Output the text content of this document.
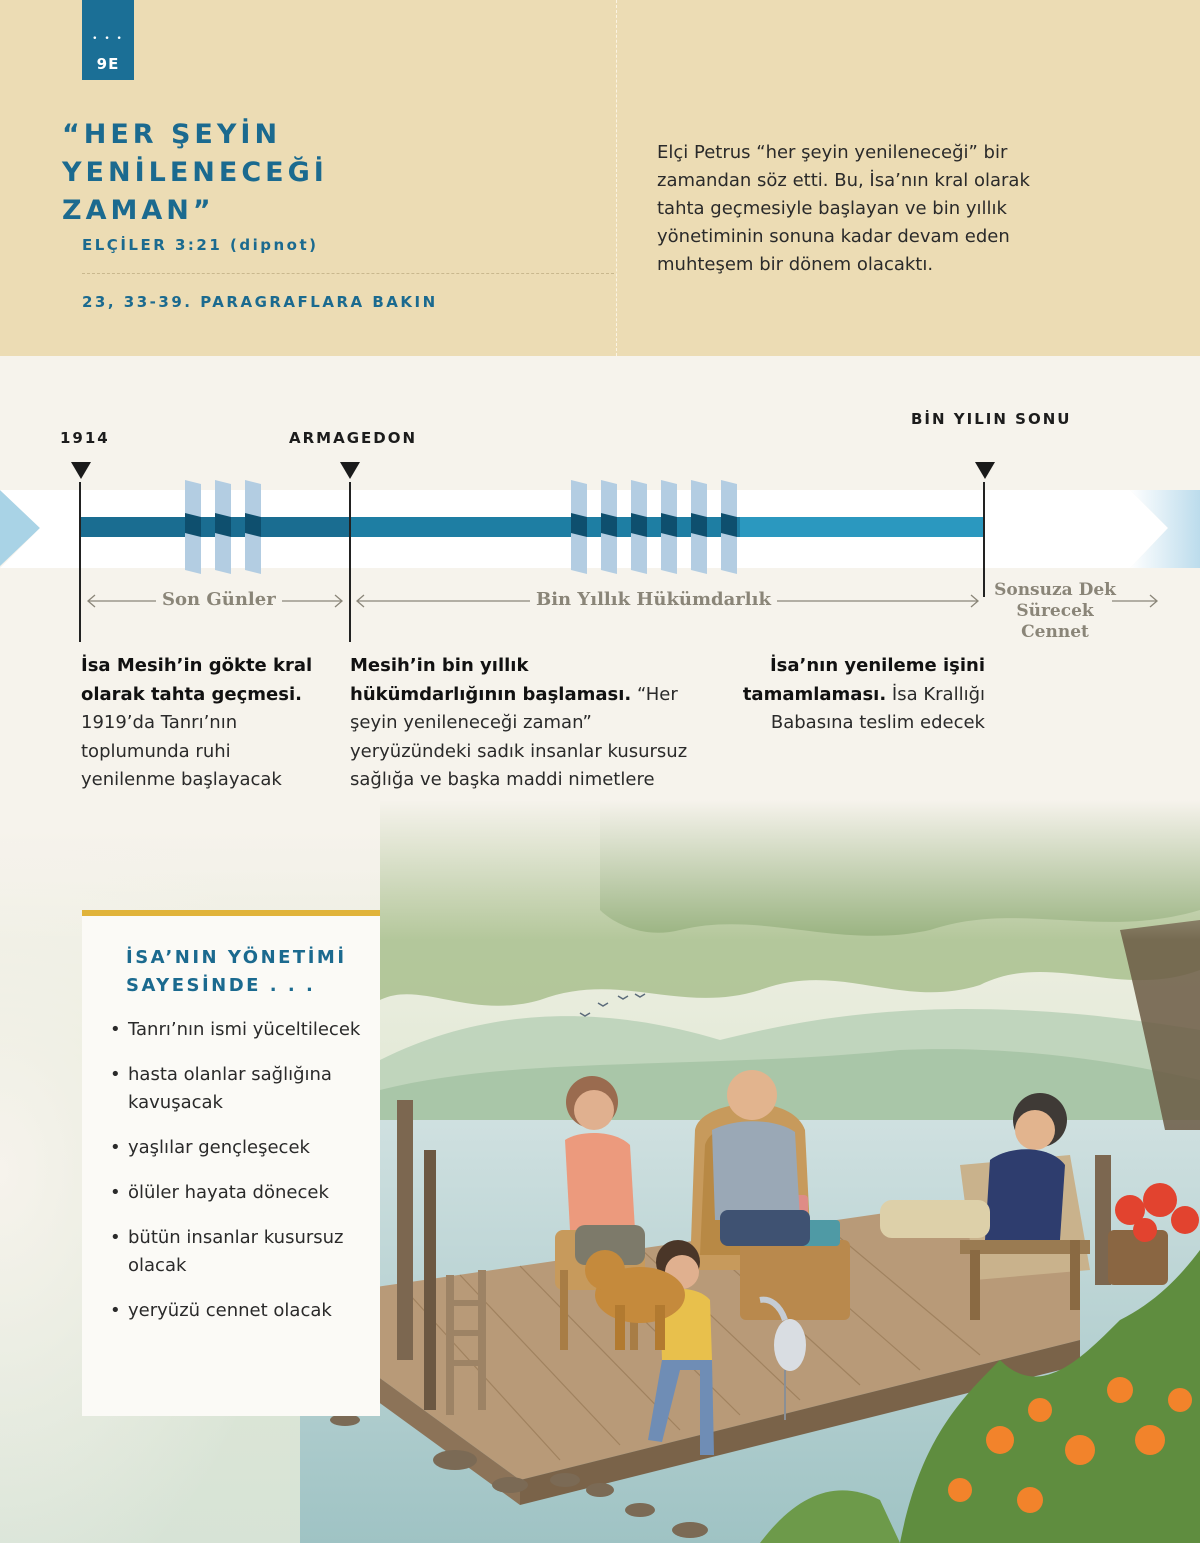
• • •
9E
“HER ŞEYİN
YENİLENECEĞİ
ZAMAN”
ELÇİLER 3:21 (dipnot)
23, 33-39. PARAGRAFLARA BAKIN

Elçi Petrus “her şeyin yenileneceği” bir zamandan söz etti. Bu, İsa’nın kral olarak tahta geçmesiyle başlayan ve bin yıllık yönetiminin sonuna kadar devam eden muhteşem bir dönem olacaktı.

1914	ARMAGEDON
BİN YILIN SONU
Son Günler	Bin Yıllık Hükümdarlık	Sonsuza Dek
Sürecek
Cennet

İsa Mesih’in gökte kral olarak tahta geçmesi. 1919’da Tanrı’nın toplumunda ruhi yenilenme başlayacak

Mesih’in bin yıllık hükümdarlığının başlaması. “Her şeyin yenileneceği zaman” yeryüzündeki sadık insanlar kusursuz sağlığa ve başka maddi nimetlere

İsa’nın yenileme işini tamamlaması. İsa Krallığı Babasına teslim edecek

İSA’NIN YÖNETİMİ
SAYESİNDE . . .
• Tanrı’nın ismi yüceltilecek
• hasta olanlar sağlığına kavuşacak
• yaşlılar gençleşecek
• ölüler hayata dönecek
• bütün insanlar kusursuz olacak
• yeryüzü cennet olacak
